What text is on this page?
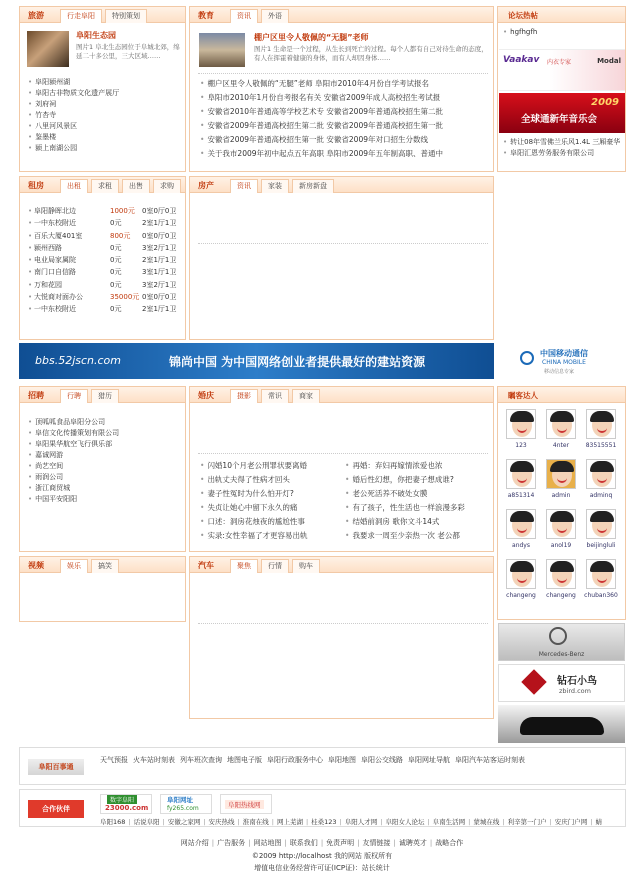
旅游	行走阜阳	特别策划
阜阳生态园
图片1 阜北生态园位于阜城北郊，绵延二十多公里，三大区域……
• 阜阳颍州湖
• 阜阳古非物质文化遗产展厅
• 刘府祠
• 竹杏寺
• 八里河风景区
• 鉴墨楼
• 颍上南湖公园
教育	资讯	外语
棚户区里令人敬佩的“无腿”老师
图片1 生命是一个过程，从生长到死亡的过程。每个人都有自己对待生命的态度，有人在挥霍着健康的身体，而有人却因身体……
• 棚户区里令人敬佩的“无腿”老师 阜阳市2010年4月份自学考试报名
• 阜阳市2010年1月份自考报名有关 安徽省2009年成人高校招生考试报
• 安徽省2010年普通高等学校艺术专 安徽省2009年普通高校招生第二批
• 安徽省2009年普通高校招生第二批 安徽省2009年普通高校招生第一批
• 安徽省2009年普通高校招生第一批 安徽省2009年对口招生分数线
• 关于我市2009年初中起点五年高职 阜阳市2009年五年制高职、普通中
论坛热帖
• hgfhgfh
Vaakav 内衣专家	Modal
2009
全球通新年音乐会
• 转让08年雪佛兰乐风1.4L 三厢豪华
• 阜阳汇恩劳务服务有限公司
租房	出租	求租	出售	求购
阜阳静晖北边	1000元 0室0厅0卫
•
一中东校附近	0元	2室1厅1卫
•
百乐大厦401室	800元 0室0厅0卫
•
颍州西路	0元	3室2厅1卫
•
电业局家属院	0元	2室1厅1卫
•
南门口自信路	0元	3室1厅1卫
•
万和花园	0元	3室2厅1卫
•
大悦商对面办公	35000元 0室0厅0卫
•
一中东校附近	0元	2室1厅1卫
•
房产	资讯	家装	新房新盘
bbs.52jscn.com	锦尚中国 为中国网络创业者提供最好的建站资源
中国移动通信
CHINA MOBILE
移动信息专家
招聘	行聘	猎历
• 顶呱呱食品阜阳分公司
• 阜信文化传播策划有限公司
• 阜阳果华航空飞行俱乐部
• 嘉诚网游
• 尚艺空间
• 雨润公司
• 浙江商贸城
• 中国平安阳阳
婚庆	摄影	常识	商家
• 闪婚10个月老公刑罪状要离婚
• 出轨丈夫得了性病才回头
• 妻子性冤时为什么怕开灯?
• 失贞让她心中留下永久的痛
• 口述：洞房花烛夜的尴尬性事
• 实录:女性幸福了才更容易出轨
• 再婚：弃妇再嫁情浓爱也浓
• 婚后性幻想，你把妻子想成谁?
• 老公死活养不破处女膜
• 有了孩子，性生活也一样浪漫多彩
• 结婚前洞房 歌你文斗14式
• 我要求一周至少亲热一次 老公都
瞩客达人
123	4nter	83515551
a851314	admin	adminq
andys	anol19	beijingluli
changeng	changeng	chuban360
Mercedes-Benz
钻石小鸟
zbird.com
视频	娱乐	搞笑	汽车	聚焦	行情	购车
阜阳百事通
天气预报 火车站时刻表 列车班次查询 地图电子版 阜阳行政服务中心 阜阳地图 阜阳公交线路 阜阳网址导航 阜阳汽车站客运时刻表
合作伙伴
数字阜阳
23000.com
阜阳网址
fy265.com	阜阳热线网
阜阳168 | 话说阜阳 | 安徽之家网 | 安庆热线 | 淮南在线 | 网上芜湖 | 桂桑123 | 阜阳人才网 | 阜阳女人论坛 | 阜南生活网 | 蒙城在线 | 利辛第一门户 | 安庆门户网 | 蜻
网站介绍 | 广告服务 | 网站地图 | 联系我们 | 免责声明 | 友情链接 | 诚聘英才 | 战略合作
©2009 http://localhost 我的网站 版权所有
增值电信业务经营许可证(ICP证)：站长统计
